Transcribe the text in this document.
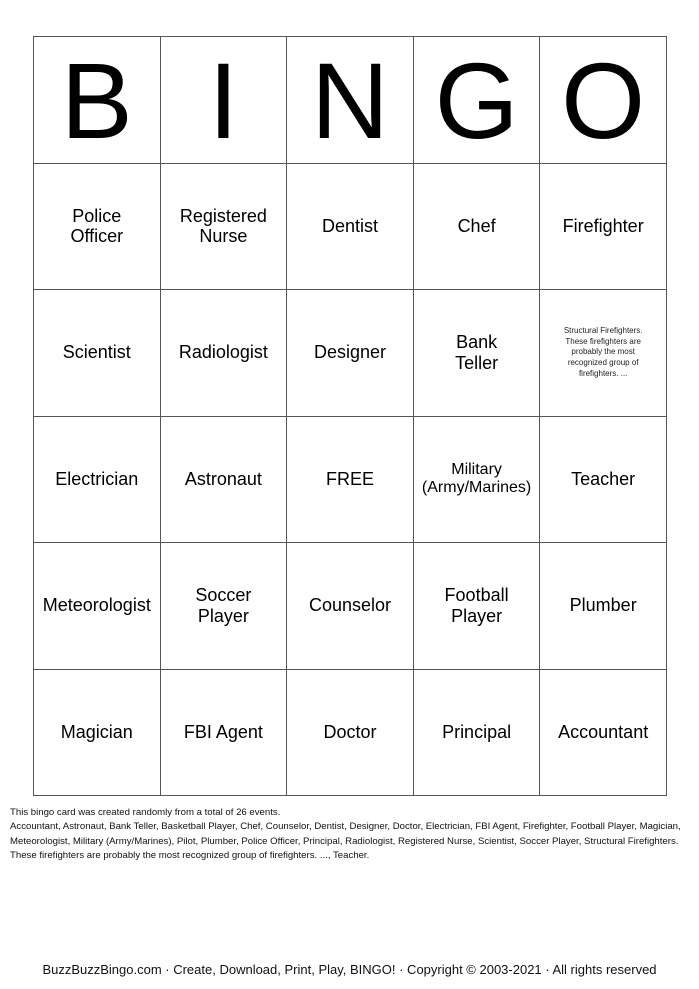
B	I	N	G	O
Police Officer	Registered Nurse	Dentist	Chef	Firefighter
Scientist	Radiologist	Designer	Bank Teller	Structural Firefighters. These firefighters are probably the most recognized group of firefighters. ...
Electrician	Astronaut	FREE	Military (Army/Marines)	Teacher
Meteorologist	Soccer Player	Counselor	Football Player	Plumber
Magician	FBI Agent	Doctor	Principal	Accountant

This bingo card was created randomly from a total of 26 events.

Accountant, Astronaut, Bank Teller, Basketball Player, Chef, Counselor, Dentist, Designer, Doctor, Electrician, FBI Agent, Firefighter, Football Player, Magician, Meteorologist, Military (Army/Marines), Pilot, Plumber, Police Officer, Principal, Radiologist, Registered Nurse, Scientist, Soccer Player, Structural Firefighters. These firefighters are probably the most recognized group of firefighters. ..., Teacher.

BuzzBuzzBingo.com · Create, Download, Print, Play, BINGO! · Copyright © 2003-2021 · All rights reserved
